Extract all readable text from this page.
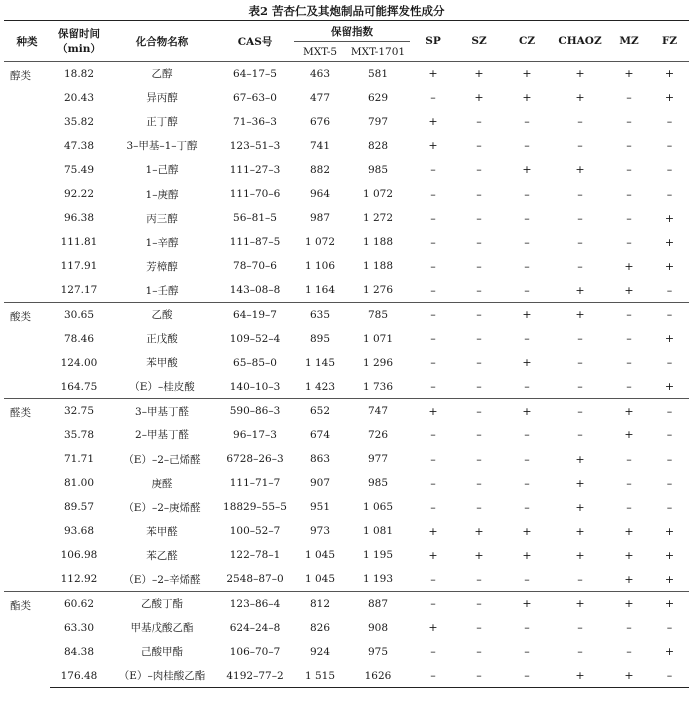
表2 苦杏仁及其炮制品可能挥发性成分
种类	保留时间
（min）	化合物名称	CAS号	保留指数		SP	SZ	CZ	CHAOZ	MZ	FZ
				MXT-5	MXT-1701						
醇类	18.82	乙醇	64–17–5	463	581	+	+	+	+	+	+
	20.43	异丙醇	67–63–0	477	629	–	+	+	+	–	+
	35.82	正丁醇	71–36–3	676	797	+	–	–	–	–	–
	47.38	3–甲基–1–丁醇	123–51–3	741	828	+	–	–	–	–	–
	75.49	1–己醇	111–27–3	882	985	–	–	+	+	–	–
	92.22	1–庚醇	111–70–6	964	1 072	–	–	–	–	–	–
	96.38	丙三醇	56–81–5	987	1 272	–	–	–	–	–	+
	111.81	1–辛醇	111–87–5	1 072	1 188	–	–	–	–	–	+
	117.91	芳樟醇	78–70–6	1 106	1 188	–	–	–	–	+	+
	127.17	1–壬醇	143–08–8	1 164	1 276	–	–	–	+	+	–
酸类	30.65	乙酸	64–19–7	635	785	–	–	+	+	–	–
	78.46	正戊酸	109–52–4	895	1 071	–	–	–	–	–	+
	124.00	苯甲酸	65–85–0	1 145	1 296	–	–	+	–	–	–
	164.75	（E）–桂皮酸	140–10–3	1 423	1 736	–	–	–	–	–	+
醛类	32.75	3–甲基丁醛	590–86–3	652	747	+	–	+	–	+	–
	35.78	2–甲基丁醛	96–17–3	674	726	–	–	–	–	+	–
	71.71	（E）–2–己烯醛	6728–26–3	863	977	–	–	–	+	–	–
	81.00	庚醛	111–71–7	907	985	–	–	–	+	–	–
	89.57	（E）–2–庚烯醛	18829–55–5	951	1 065	–	–	–	+	–	–
	93.68	苯甲醛	100–52–7	973	1 081	+	+	+	+	+	+
	106.98	苯乙醛	122–78–1	1 045	1 195	+	+	+	+	+	+
	112.92	（E）–2–辛烯醛	2548–87–0	1 045	1 193	–	–	–	–	+	+
酯类	60.62	乙酸丁酯	123–86–4	812	887	–	–	+	+	+	+
	63.30	甲基戊酸乙酯	624–24–8	826	908	+	–	–	–	–	–
	84.38	己酸甲酯	106–70–7	924	975	–	–	–	–	–	+
	176.48	（E）–肉桂酸乙酯	4192–77–2	1 515	1626	–	–	–	+	+	–
